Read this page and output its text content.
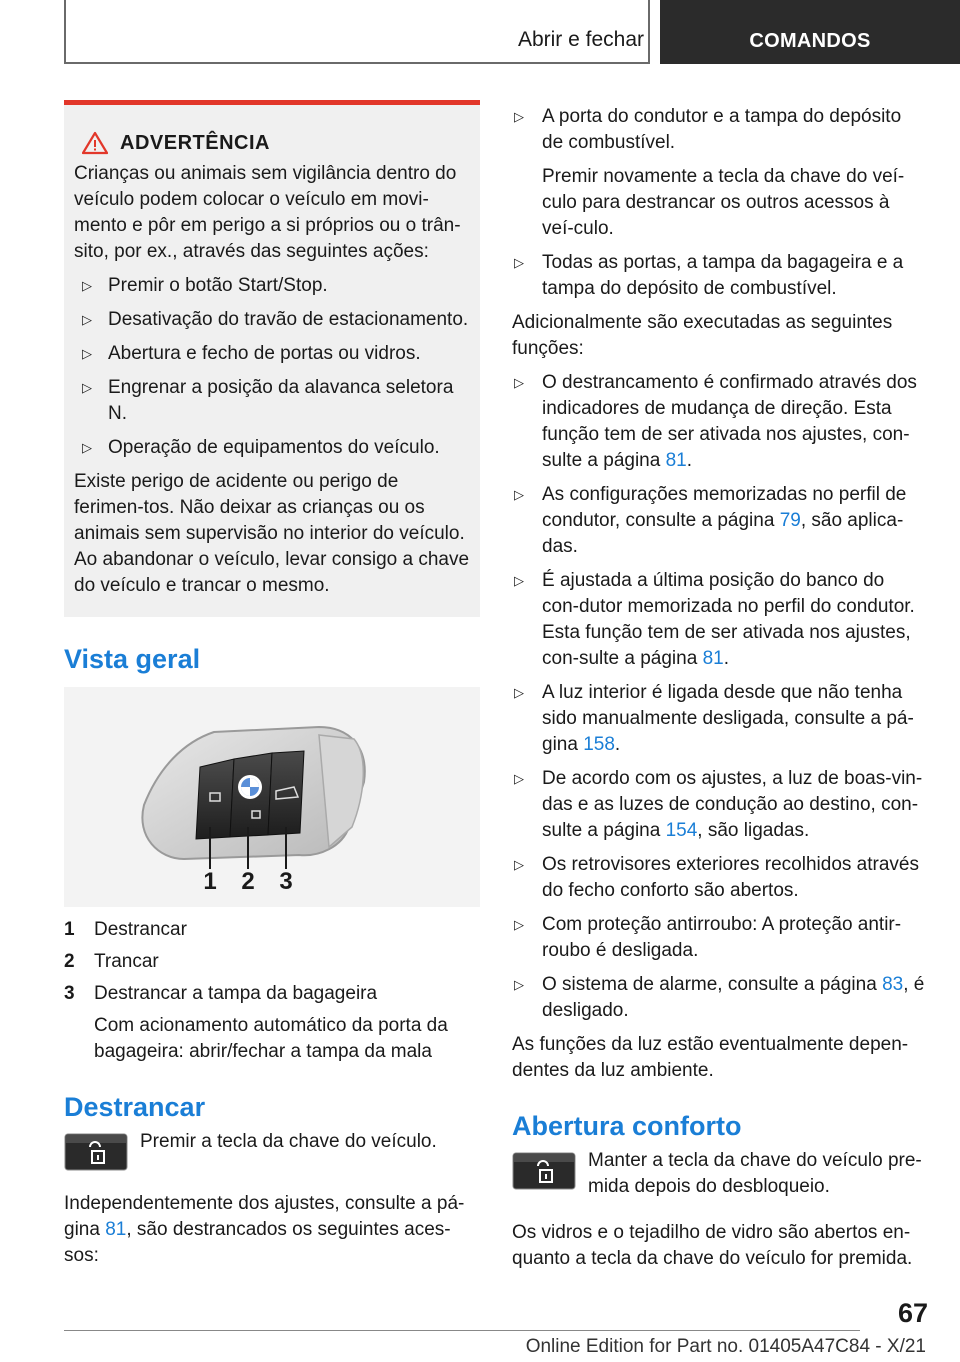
Abrir e fechar	COMANDOS
ADVERTÊNCIA

Crianças ou animais sem vigilância dentro do veículo podem colocar o veículo em movi-mento e pôr em perigo a si próprios ou o trân-sito, por ex., através das seguintes ações:

▷ Premir o botão Start/Stop.
▷ Desativação do travão de estacionamento.
▷ Abertura e fecho de portas ou vidros.
▷ Engrenar a posição da alavanca seletora N.
▷ Operação de equipamentos do veículo.

Existe perigo de acidente ou perigo de ferimen-tos. Não deixar as crianças ou os animais sem supervisão no interior do veículo. Ao abandonar o veículo, levar consigo a chave do veículo e trancar o mesmo.

Vista geral
1 2 3
1 Destrancar
2 Trancar
3 Destrancar a tampa da bagageira
Com acionamento automático da porta da bagageira: abrir/fechar a tampa da mala
Destrancar

Premir a tecla da chave do veículo.

Independentemente dos ajustes, consulte a pá-gina 81, são destrancados os seguintes aces-sos:

▷ A porta do condutor e a tampa do depósito de combustível.
Premir novamente a tecla da chave do veí-culo para destrancar os outros acessos à veí-culo.
▷ Todas as portas, a tampa da bagageira e a tampa do depósito de combustível.

Adicionalmente são executadas as seguintes funções:

▷ O destrancamento é confirmado através dos indicadores de mudança de direção. Esta função tem de ser ativada nos ajustes, con-sulte a página 81.
▷ As configurações memorizadas no perfil de condutor, consulte a página 79, são aplica-das.
▷ É ajustada a última posição do banco do con-dutor memorizada no perfil do condutor. Esta função tem de ser ativada nos ajustes, con-sulte a página 81.
▷ A luz interior é ligada desde que não tenha sido manualmente desligada, consulte a pá-gina 158.
▷ De acordo com os ajustes, a luz de boas-vin-das e as luzes de condução ao destino, con-sulte a página 154, são ligadas.
▷ Os retrovisores exteriores recolhidos através do fecho conforto são abertos.
▷ Com proteção antirroubo: A proteção antir-roubo é desligada.
▷ O sistema de alarme, consulte a página 83, é desligado.

As funções da luz estão eventualmente depen-dentes da luz ambiente.

Abertura conforto

Manter a tecla da chave do veículo pre-mida depois do desbloqueio.

Os vidros e o tejadilho de vidro são abertos en-quanto a tecla da chave do veículo for premida.

67
Online Edition for Part no. 01405A47C84 - X/21
